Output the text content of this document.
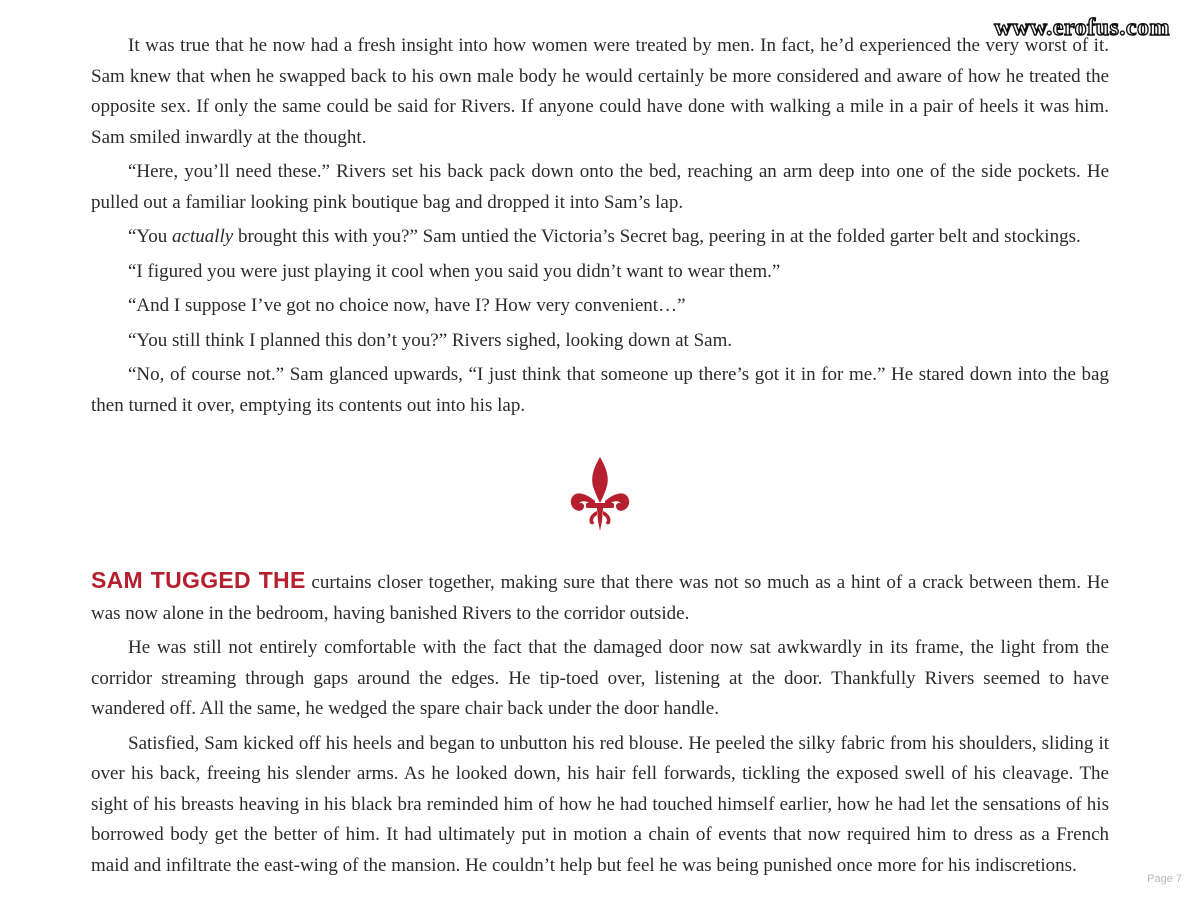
www.erofus.com

It was true that he now had a fresh insight into how women were treated by men. In fact, he’d experienced the very worst of it. Sam knew that when he swapped back to his own male body he would certainly be more considered and aware of how he treated the opposite sex. If only the same could be said for Rivers. If anyone could have done with walking a mile in a pair of heels it was him. Sam smiled inwardly at the thought.

“Here, you’ll need these.” Rivers set his back pack down onto the bed, reaching an arm deep into one of the side pockets. He pulled out a familiar looking pink boutique bag and dropped it into Sam’s lap.

“You actually brought this with you?” Sam untied the Victoria’s Secret bag, peering in at the folded garter belt and stockings.

“I figured you were just playing it cool when you said you didn’t want to wear them.”

“And I suppose I’ve got no choice now, have I? How very convenient…”

“You still think I planned this don’t you?” Rivers sighed, looking down at Sam.

“No, of course not.” Sam glanced upwards, “I just think that someone up there’s got it in for me.” He stared down into the bag then turned it over, emptying its contents out into his lap.

SAM TUGGED THE curtains closer together, making sure that there was not so much as a hint of a crack between them. He was now alone in the bedroom, having banished Rivers to the corridor outside.

He was still not entirely comfortable with the fact that the damaged door now sat awkwardly in its frame, the light from the corridor streaming through gaps around the edges. He tip-toed over, listening at the door. Thankfully Rivers seemed to have wandered off. All the same, he wedged the spare chair back under the door handle.

Satisfied, Sam kicked off his heels and began to unbutton his red blouse. He peeled the silky fabric from his shoulders, sliding it over his back, freeing his slender arms. As he looked down, his hair fell forwards, tickling the exposed swell of his cleavage. The sight of his breasts heaving in his black bra reminded him of how he had touched himself earlier, how he had let the sensations of his borrowed body get the better of him. It had ultimately put in motion a chain of events that now required him to dress as a French maid and infiltrate the east-wing of the mansion. He couldn’t help but feel he was being punished once more for his indiscretions.

Page 7
